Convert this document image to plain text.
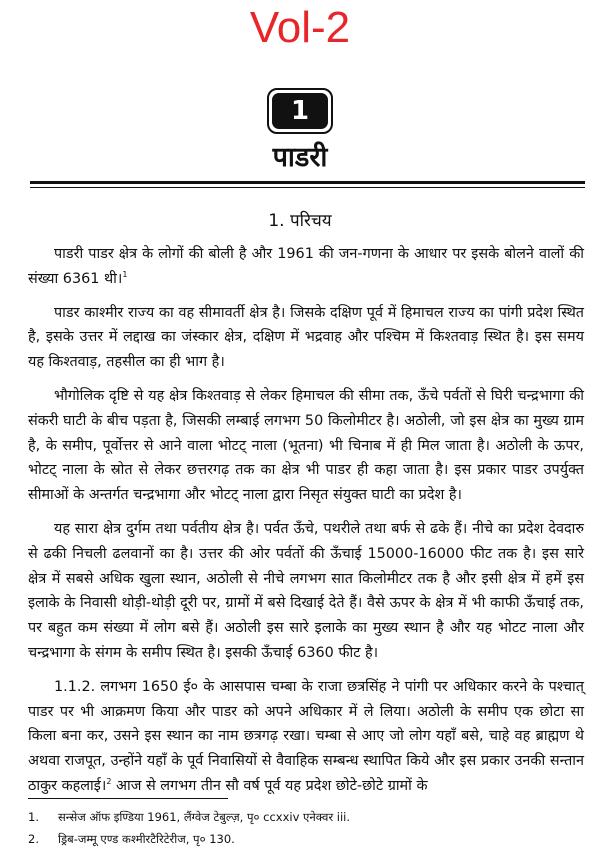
Vol-2
1
पाडरी
1. परिचय

पाडरी पाडर क्षेत्र के लोगों की बोली है और 1961 की जन-गणना के आधार पर इसके बोलने वालों की संख्या 6361 थी।$^1$

पाडर काश्मीर राज्य का वह सीमावर्ती क्षेत्र है। जिसके दक्षिण पूर्व में हिमाचल राज्य का पांगी प्रदेश स्थित है, इसके उत्तर में लद्दाख का जंस्कार क्षेत्र, दक्षिण में भद्रवाह और पश्चिम में किश्तवाड़ स्थित है। इस समय यह किश्तवाड़, तहसील का ही भाग है।

भौगोलिक दृष्टि से यह क्षेत्र किश्तवाड़ से लेकर हिमाचल की सीमा तक, ऊँचे पर्वतों से घिरी चन्द्रभागा की संकरी घाटी के बीच पड़ता है, जिसकी लम्बाई लगभग 50 किलोमीटर है। अठोली, जो इस क्षेत्र का मुख्य ग्राम है, के समीप, पूर्वोत्तर से आने वाला भोटट् नाला (भूतना) भी चिनाब में ही मिल जाता है। अठोली के ऊपर, भोटट् नाला के स्रोत से लेकर छत्तरगढ़ तक का क्षेत्र भी पाडर ही कहा जाता है। इस प्रकार पाडर उपर्युक्त सीमाओं के अन्तर्गत चन्द्रभागा और भोटट् नाला द्वारा निसृत संयुक्त घाटी का प्रदेश है।

यह सारा क्षेत्र दुर्गम तथा पर्वतीय क्षेत्र है। पर्वत ऊँचे, पथरीले तथा बर्फ से ढके हैं। नीचे का प्रदेश देवदारु से ढकी निचली ढलवानों का है। उत्तर की ओर पर्वतों की ऊँचाई 15000-16000 फीट तक है। इस सारे क्षेत्र में सबसे अधिक खुला स्थान, अठोली से नीचे लगभग सात किलोमीटर तक है और इसी क्षेत्र में हमें इस इलाके के निवासी थोड़ी-थोड़ी दूरी पर, ग्रामों में बसे दिखाई देते हैं। वैसे ऊपर के क्षेत्र में भी काफी ऊँचाई तक, पर बहुत कम संख्या में लोग बसे हैं। अठोली इस सारे इलाके का मुख्य स्थान है और यह भोटट नाला और चन्द्रभागा के संगम के समीप स्थित है। इसकी ऊँचाई 6360 फीट है।

1.1.2. लगभग 1650 ई० के आसपास चम्बा के राजा छत्रसिंह ने पांगी पर अधिकार करने के पश्चात् पाडर पर भी आक्रमण किया और पाडर को अपने अधिकार में ले लिया। अठोली के समीप एक छोटा सा किला बना कर, उसने इस स्थान का नाम छत्रगढ़ रखा। चम्बा से आए जो लोग यहाँ बसे, चाहे वह ब्राह्मण थे अथवा राजपूत, उन्होंने यहाँ के पूर्व निवासियों से वैवाहिक सम्बन्ध स्थापित किये और इस प्रकार उनकी सन्तान ठाकुर कहलाई।$^2$ आज से लगभग तीन सौ वर्ष पूर्व यह प्रदेश छोटे-छोटे ग्रामों के

1.	सन्सेज ऑफ इण्डिया 1961, लैंग्वेज टेबुल्ज़, पृ० ccxxiv एनेक्वर iii.
2.	ड्रिब-जम्मू एण्ड कश्मीरटैरिटेरीज, पृ० 130.
